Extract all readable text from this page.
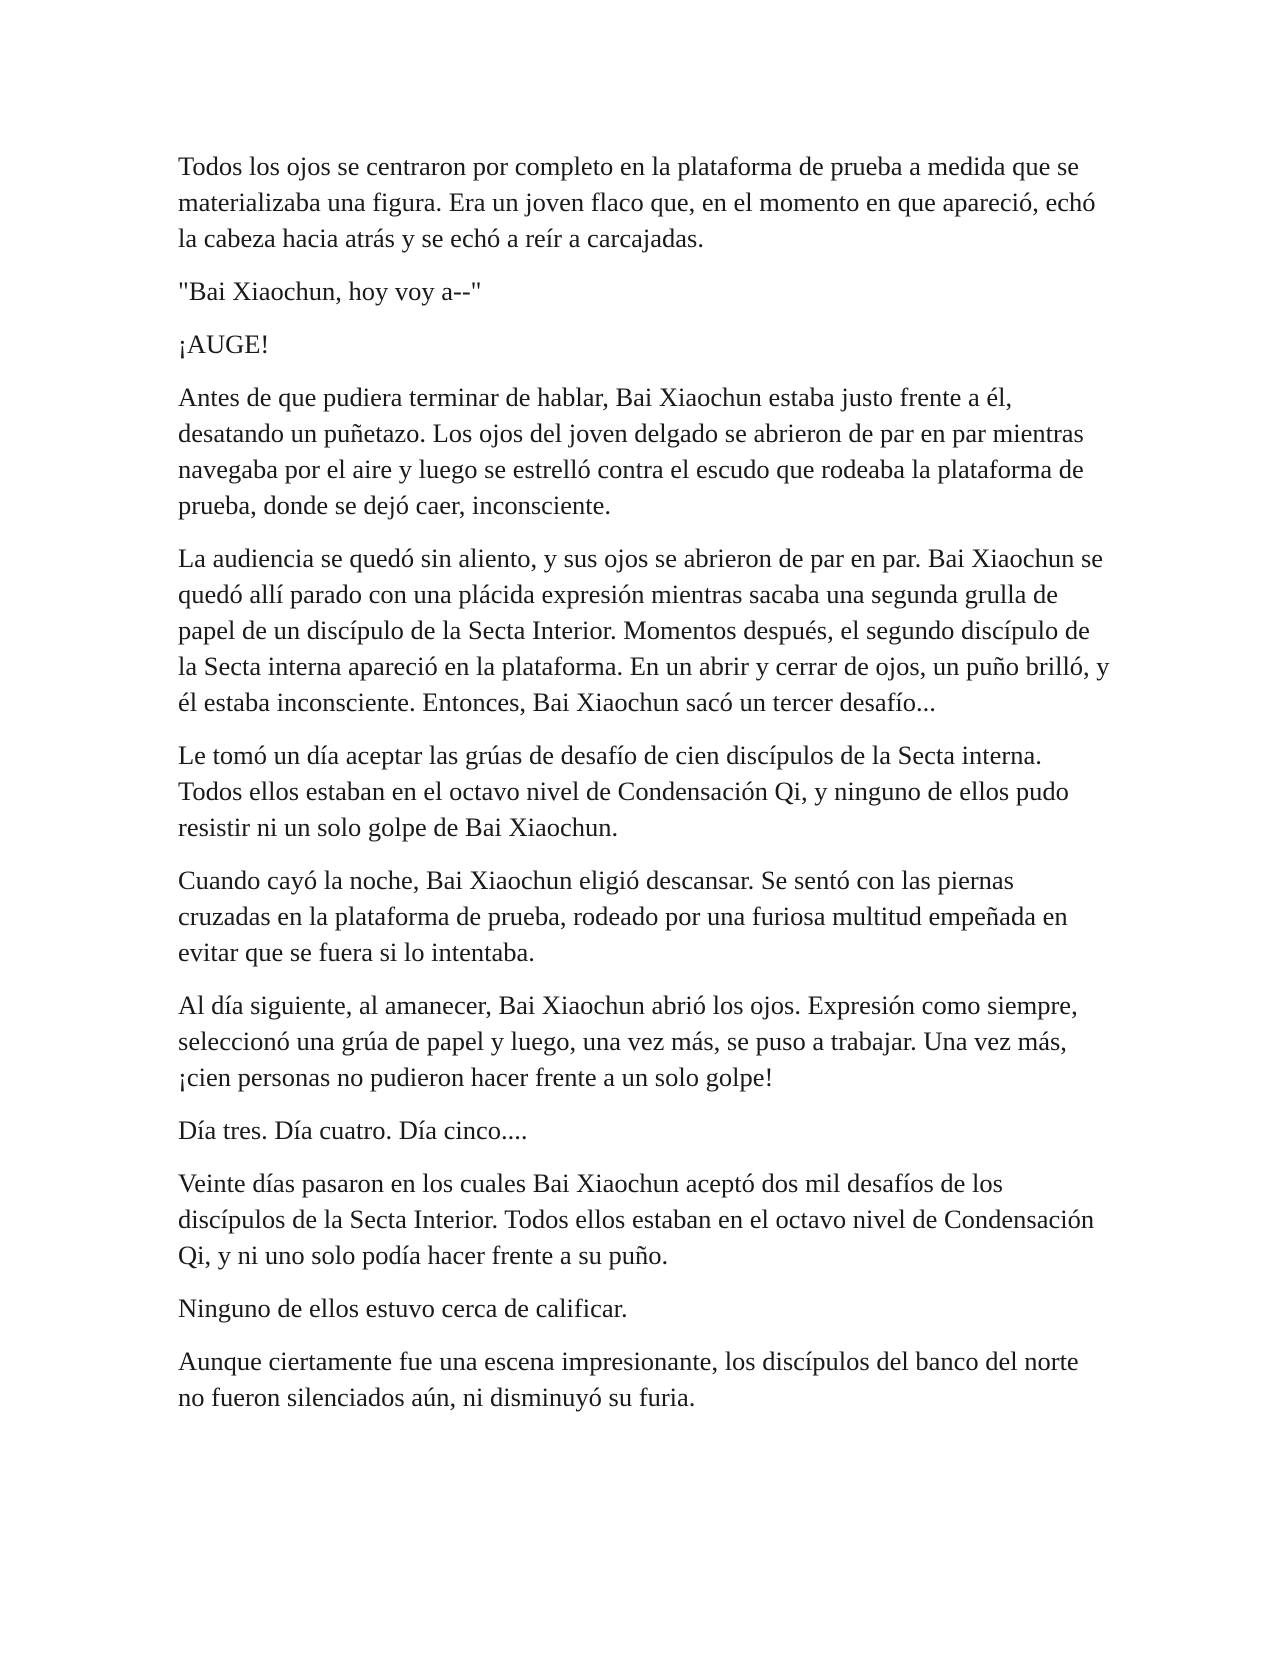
Todos los ojos se centraron por completo en la plataforma de prueba a medida que se materializaba una figura. Era un joven flaco que, en el momento en que apareció, echó la cabeza hacia atrás y se echó a reír a carcajadas.

"Bai Xiaochun, hoy voy a--"

¡AUGE!

Antes de que pudiera terminar de hablar, Bai Xiaochun estaba justo frente a él, desatando un puñetazo. Los ojos del joven delgado se abrieron de par en par mientras navegaba por el aire y luego se estrelló contra el escudo que rodeaba la plataforma de prueba, donde se dejó caer, inconsciente.

La audiencia se quedó sin aliento, y sus ojos se abrieron de par en par. Bai Xiaochun se quedó allí parado con una plácida expresión mientras sacaba una segunda grulla de papel de un discípulo de la Secta Interior. Momentos después, el segundo discípulo de la Secta interna apareció en la plataforma. En un abrir y cerrar de ojos, un puño brilló, y él estaba inconsciente. Entonces, Bai Xiaochun sacó un tercer desafío...

Le tomó un día aceptar las grúas de desafío de cien discípulos de la Secta interna. Todos ellos estaban en el octavo nivel de Condensación Qi, y ninguno de ellos pudo resistir ni un solo golpe de Bai Xiaochun.

Cuando cayó la noche, Bai Xiaochun eligió descansar. Se sentó con las piernas cruzadas en la plataforma de prueba, rodeado por una furiosa multitud empeñada en evitar que se fuera si lo intentaba.

Al día siguiente, al amanecer, Bai Xiaochun abrió los ojos. Expresión como siempre, seleccionó una grúa de papel y luego, una vez más, se puso a trabajar. Una vez más, ¡cien personas no pudieron hacer frente a un solo golpe!

Día tres. Día cuatro. Día cinco....

Veinte días pasaron en los cuales Bai Xiaochun aceptó dos mil desafíos de los discípulos de la Secta Interior. Todos ellos estaban en el octavo nivel de Condensación Qi, y ni uno solo podía hacer frente a su puño.

Ninguno de ellos estuvo cerca de calificar.

Aunque ciertamente fue una escena impresionante, los discípulos del banco del norte no fueron silenciados aún, ni disminuyó su furia.
